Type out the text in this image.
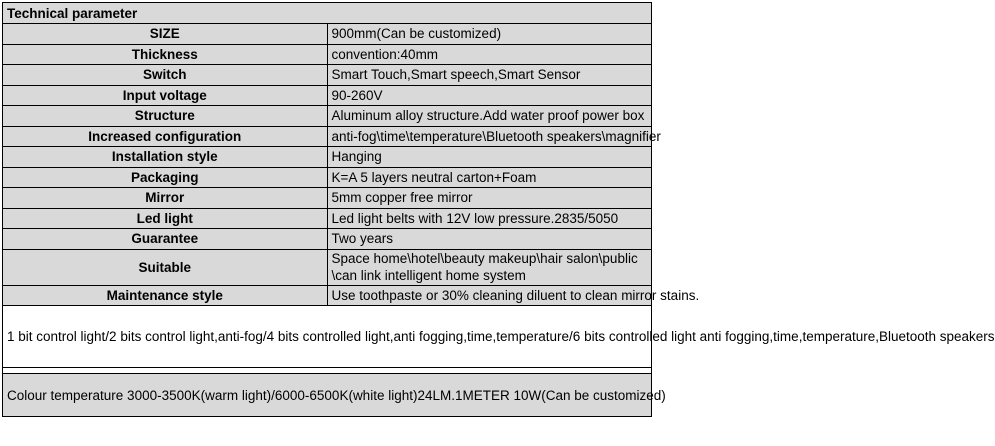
Technical parameter	
SIZE	900mm(Can be customized)
Thickness	convention:40mm
Switch	Smart Touch,Smart speech,Smart Sensor
Input voltage	90-260V
Structure	Aluminum alloy structure.Add water proof power box
Increased configuration	anti-fog\time\temperature\Bluetooth speakers\magnifier
Installation style	Hanging
Packaging	K=A 5 layers neutral carton+Foam
Mirror	5mm copper free mirror
Led light	Led light belts with 12V low pressure.2835/5050
Guarantee	Two years
Suitable	Space home\hotel\beauty makeup\hair salon\public
\can link intelligent home system

Maintenance style	Use toothpaste or 30% cleaning diluent to clean mirror stains.
1 bit control light/2 bits control light,anti-fog/4 bits controlled light,anti fogging,time,temperature/6 bits controlled light anti fogging,time,temperature,Bluetooth speakers	

Colour temperature 3000-3500K(warm light)/6000-6500K(white light)24LM.1METER 10W(Can be customized)	
